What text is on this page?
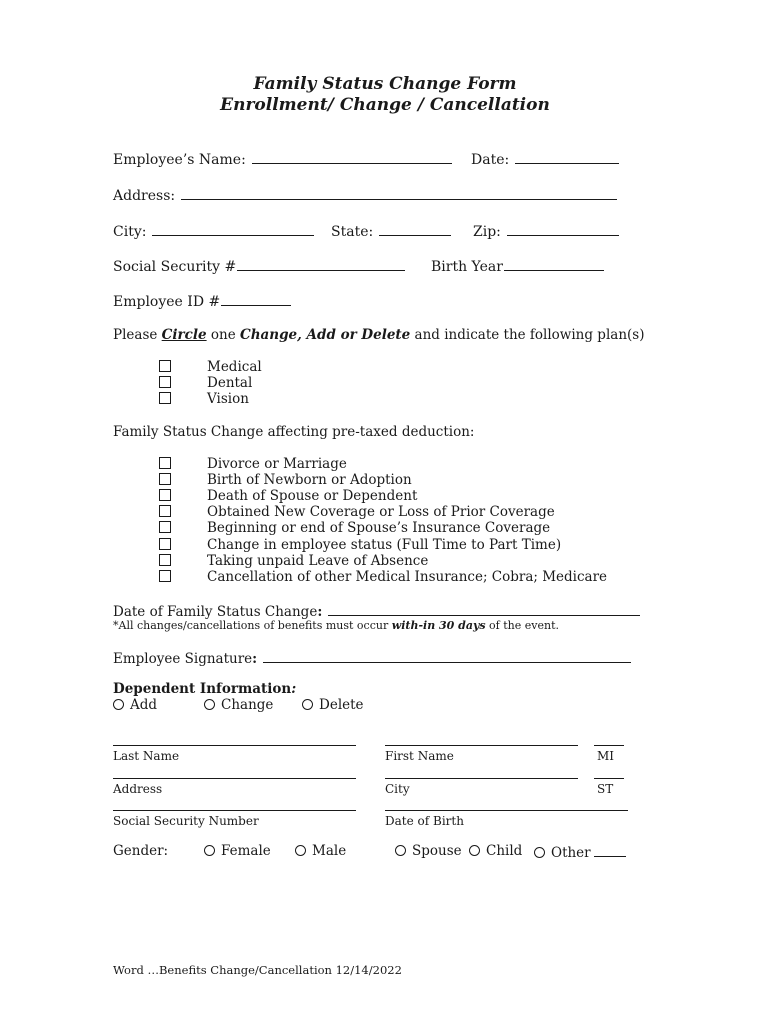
Family Status Change Form
Enrollment/ Change / Cancellation
Employee’s Name:	Date:
Address:
City:	State:	Zip:
Social Security #	Birth Year
Employee ID #
Please Circle one Change, Add or Delete and indicate the following plan(s)
Medical
Dental
Vision
Family Status Change affecting pre-taxed deduction:
Divorce or Marriage
Birth of Newborn or Adoption
Death of Spouse or Dependent
Obtained New Coverage or Loss of Prior Coverage
Beginning or end of Spouse’s Insurance Coverage
Change in employee status (Full Time to Part Time)
Taking unpaid Leave of Absence
Cancellation of other Medical Insurance; Cobra; Medicare
Date of Family Status Change:
*All changes/cancellations of benefits must occur with-in 30 days of the event.
Employee Signature:
Dependent Information:
Add	Change	Delete
Last Name	First Name	MI
Address	City	ST
Social Security Number	Date of Birth
Gender:	Female	Male	Spouse	Child	Other
Word …Benefits Change/Cancellation 12/14/2022
